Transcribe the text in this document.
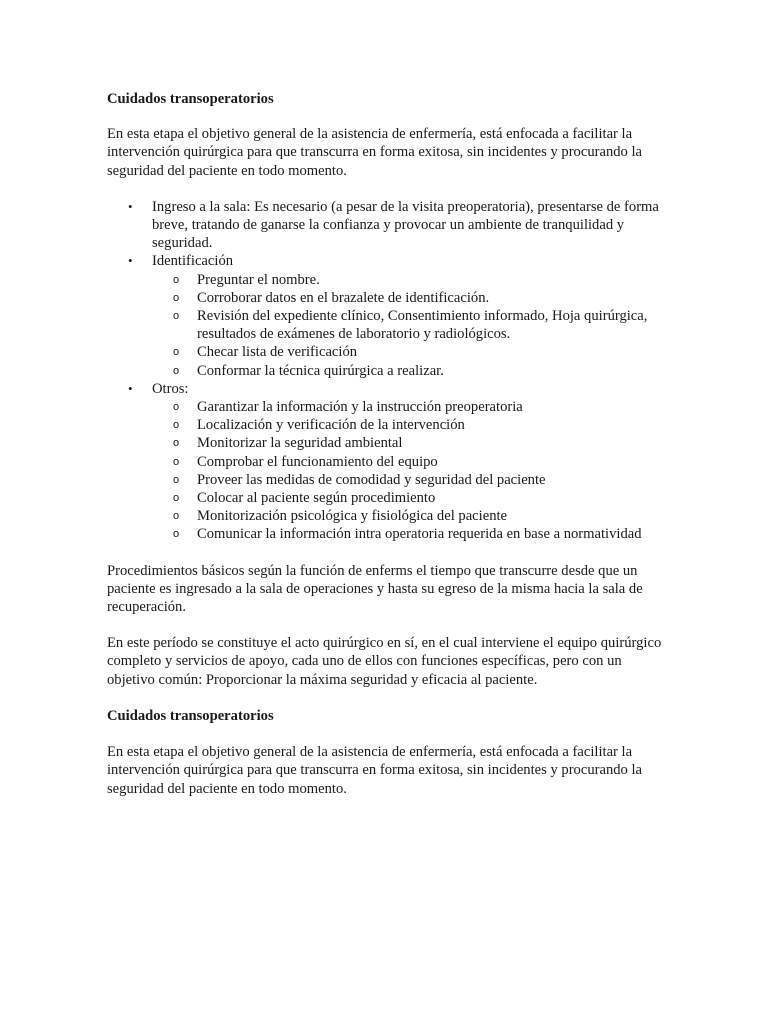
Cuidados transoperatorios

En esta etapa el objetivo general de la asistencia de enfermería, está enfocada a facilitar la intervención quirúrgica para que transcurra en forma exitosa, sin incidentes y procurando la seguridad del paciente en todo momento.

• Ingreso a la sala: Es necesario (a pesar de la visita preoperatoria), presentarse de forma breve, tratando de ganarse la confianza y provocar un ambiente de tranquilidad y seguridad.
• Identificación
o Preguntar el nombre.
o Corroborar datos en el brazalete de identificación.
o Revisión del expediente clínico, Consentimiento informado, Hoja quirúrgica, resultados de exámenes de laboratorio y radiológicos.
o Checar lista de verificación
o Conformar la técnica quirúrgica a realizar.
• Otros:
o Garantizar la información y la instrucción preoperatoria
o Localización y verificación de la intervención
o Monitorizar la seguridad ambiental
o Comprobar el funcionamiento del equipo
o Proveer las medidas de comodidad y seguridad del paciente
o Colocar al paciente según procedimiento
o Monitorización psicológica y fisiológica del paciente
o Comunicar la información intra operatoria requerida en base a normatividad

Procedimientos básicos según la función de enferms el tiempo que transcurre desde que un paciente es ingresado a la sala de operaciones y hasta su egreso de la misma hacia la sala de recuperación.

En este período se constituye el acto quirúrgico en sí, en el cual interviene el equipo quirúrgico completo y servicios de apoyo, cada uno de ellos con funciones específicas, pero con un objetivo común: Proporcionar la máxima seguridad y eficacia al paciente.

Cuidados transoperatorios

En esta etapa el objetivo general de la asistencia de enfermería, está enfocada a facilitar la intervención quirúrgica para que transcurra en forma exitosa, sin incidentes y procurando la seguridad del paciente en todo momento.
